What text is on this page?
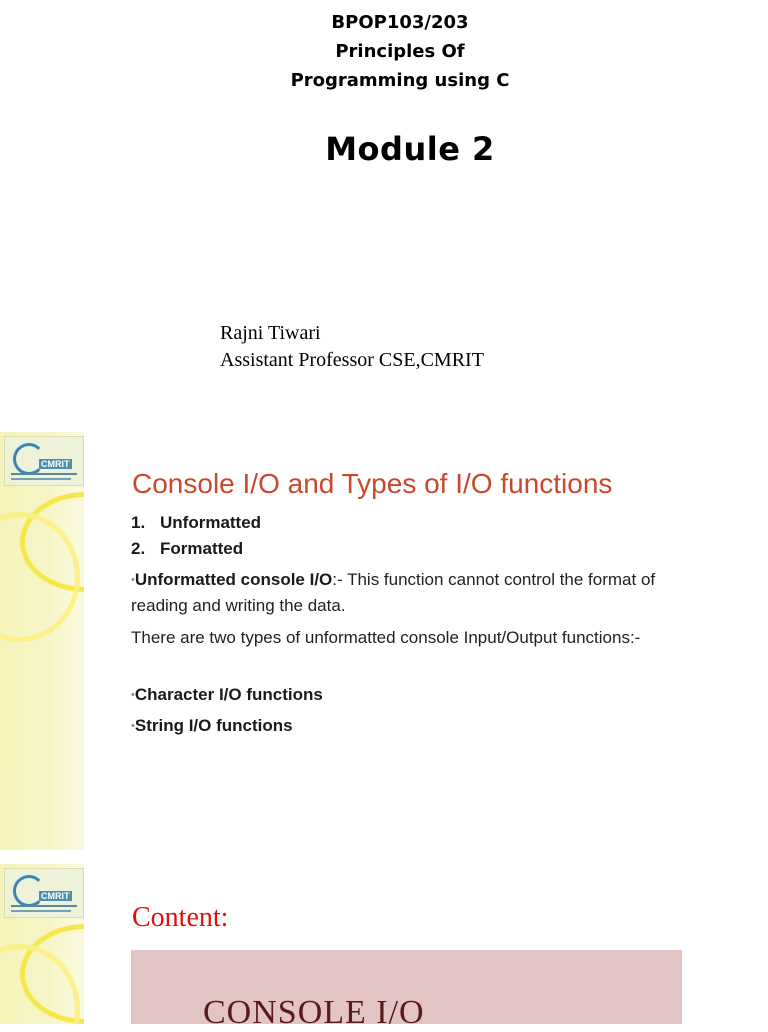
BPOP103/203
Principles Of
Programming using C
Module 2
Rajni Tiwari
Assistant Professor CSE,CMRIT
CMRIT
Console I/O and Types of I/O functions
1. Unformatted
2. Formatted
•Unformatted console I/O:- This function cannot control the format of reading and writing the data.
There are two types of unformatted console Input/Output functions:-
•Character I/O functions
•String I/O functions
CMRIT
Content:
CONSOLE I/O
